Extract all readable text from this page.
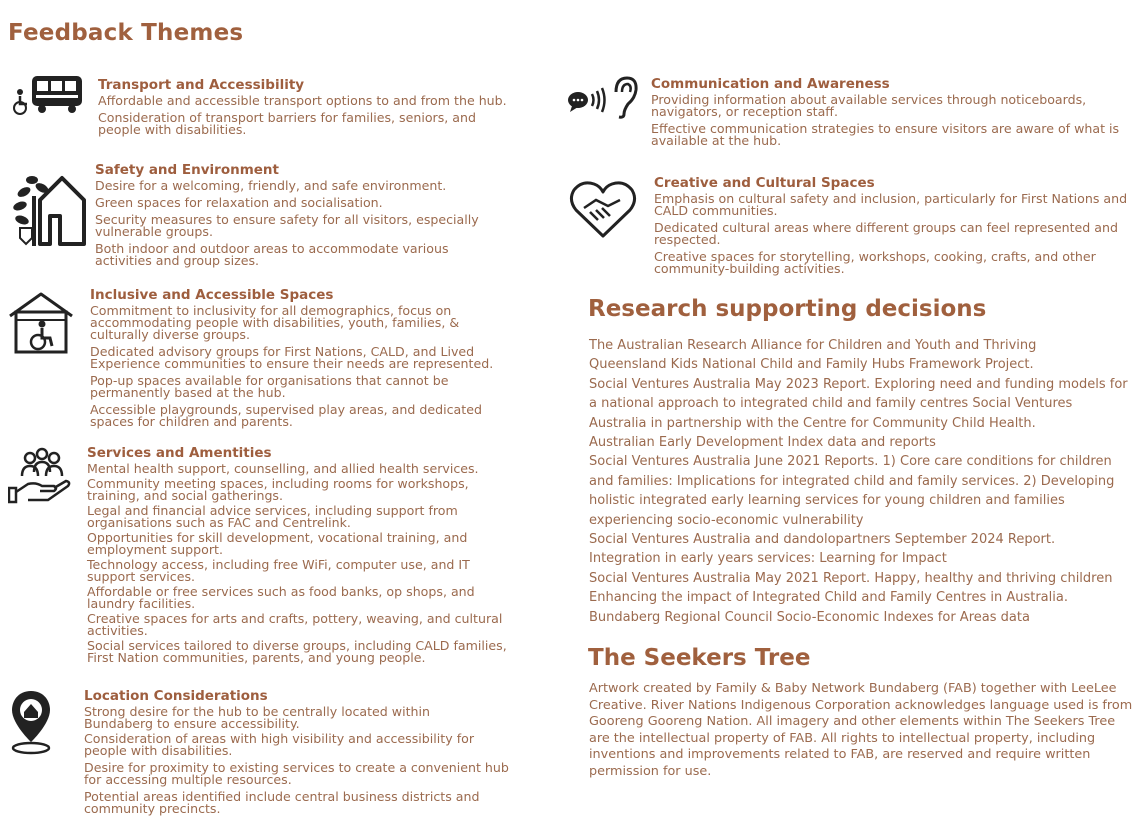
Feedback Themes
Transport and Accessibility
Affordable and accessible transport options to and from the hub.
Consideration of transport barriers for families, seniors, and people with disabilities.
Safety and Environment
Desire for a welcoming, friendly, and safe environment.
Green spaces for relaxation and socialisation.
Security measures to ensure safety for all visitors, especially vulnerable groups.
Both indoor and outdoor areas to accommodate various activities and group sizes.
Inclusive and Accessible Spaces
Commitment to inclusivity for all demographics, focus on accommodating people with disabilities, youth, families, & culturally diverse groups.
Dedicated advisory groups for First Nations, CALD, and Lived Experience communities to ensure their needs are represented.
Pop-up spaces available for organisations that cannot be permanently based at the hub.
Accessible playgrounds, supervised play areas, and dedicated spaces for children and parents.
Services and Amentities
Mental health support, counselling, and allied health services.
Community meeting spaces, including rooms for workshops, training, and social gatherings.
Legal and financial advice services, including support from organisations such as FAC and Centrelink.
Opportunities for skill development, vocational training, and employment support.
Technology access, including free WiFi, computer use, and IT support services.
Affordable or free services such as food banks, op shops, and laundry facilities.
Creative spaces for arts and crafts, pottery, weaving, and cultural activities.
Social services tailored to diverse groups, including CALD families, First Nation communities, parents, and young people.
Location Considerations
Strong desire for the hub to be centrally located within Bundaberg to ensure accessibility.
Consideration of areas with high visibility and accessibility for people with disabilities.
Desire for proximity to existing services to create a convenient hub for accessing multiple resources.
Potential areas identified include central business districts and community precincts.
Communication and Awareness
Providing information about available services through noticeboards, navigators, or reception staff.
Effective communication strategies to ensure visitors are aware of what is available at the hub.
Creative and Cultural Spaces
Emphasis on cultural safety and inclusion, particularly for First Nations and CALD communities.
Dedicated cultural areas where different groups can feel represented and respected.
Creative spaces for storytelling, workshops, cooking, crafts, and other community-building activities.
Research supporting decisions
The Australian Research Alliance for Children and Youth and Thriving
Queensland Kids National Child and Family Hubs Framework Project.
Social Ventures Australia May 2023 Report. Exploring need and funding models for
a national approach to integrated child and family centres Social Ventures
Australia in partnership with the Centre for Community Child Health.
Australian Early Development Index data and reports
Social Ventures Australia June 2021 Reports. 1) Core care conditions for children
and families: Implications for integrated child and family services. 2) Developing
holistic integrated early learning services for young children and families
experiencing socio-economic vulnerability
Social Ventures Australia and dandolopartners September 2024 Report.
Integration in early years services: Learning for Impact
Social Ventures Australia May 2021 Report. Happy, healthy and thriving children
Enhancing the impact of Integrated Child and Family Centres in Australia.
Bundaberg Regional Council Socio-Economic Indexes for Areas data
The Seekers Tree
Artwork created by Family & Baby Network Bundaberg (FAB) together with LeeLee Creative. River Nations Indigenous Corporation acknowledges language used is from Gooreng Gooreng Nation. All imagery and other elements within The Seekers Tree are the intellectual property of FAB. All rights to intellectual property, including inventions and improvements related to FAB, are reserved and require written permission for use.
